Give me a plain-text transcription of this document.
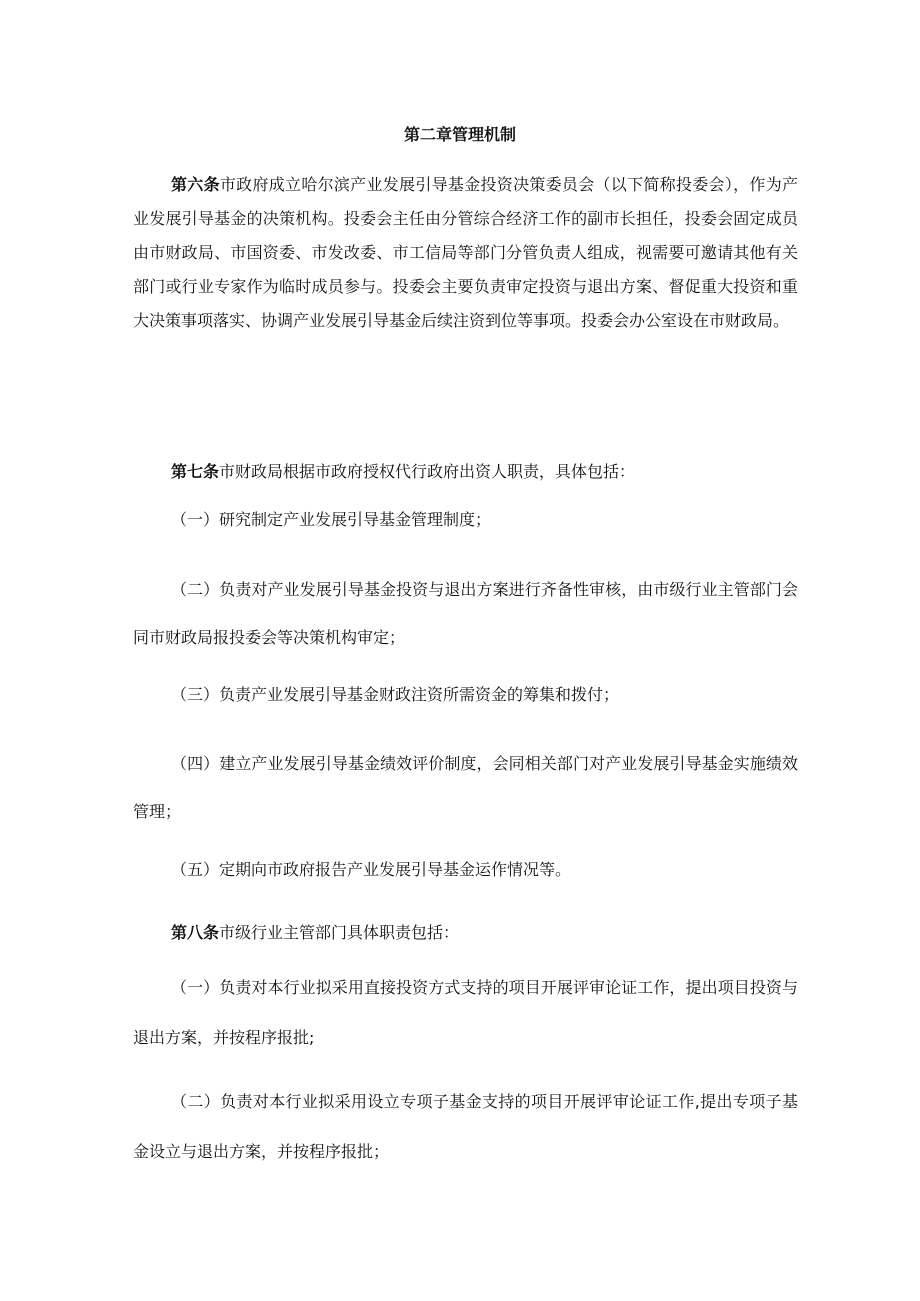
第二章管理机制
第六条市政府成立哈尔滨产业发展引导基金投资决策委员会（以下简称投委会），作为产业发展引导基金的决策机构。投委会主任由分管综合经济工作的副市长担任，投委会固定成员由市财政局、市国资委、市发改委、市工信局等部门分管负责人组成，视需要可邀请其他有关部门或行业专家作为临时成员参与。投委会主要负责审定投资与退出方案、督促重大投资和重大决策事项落实、协调产业发展引导基金后续注资到位等事项。投委会办公室设在市财政局。
第七条市财政局根据市政府授权代行政府出资人职责，具体包括：
（一）研究制定产业发展引导基金管理制度；
（二）负责对产业发展引导基金投资与退出方案进行齐备性审核，由市级行业主管部门会同市财政局报投委会等决策机构审定；
（三）负责产业发展引导基金财政注资所需资金的筹集和拨付；
（四）建立产业发展引导基金绩效评价制度，会同相关部门对产业发展引导基金实施绩效管理；
（五）定期向市政府报告产业发展引导基金运作情况等。
第八条市级行业主管部门具体职责包括：
（一）负责对本行业拟采用直接投资方式支持的项目开展评审论证工作，提出项目投资与退出方案，并按程序报批;
（二）负责对本行业拟采用设立专项子基金支持的项目开展评审论证工作,提出专项子基金设立与退出方案，并按程序报批；
